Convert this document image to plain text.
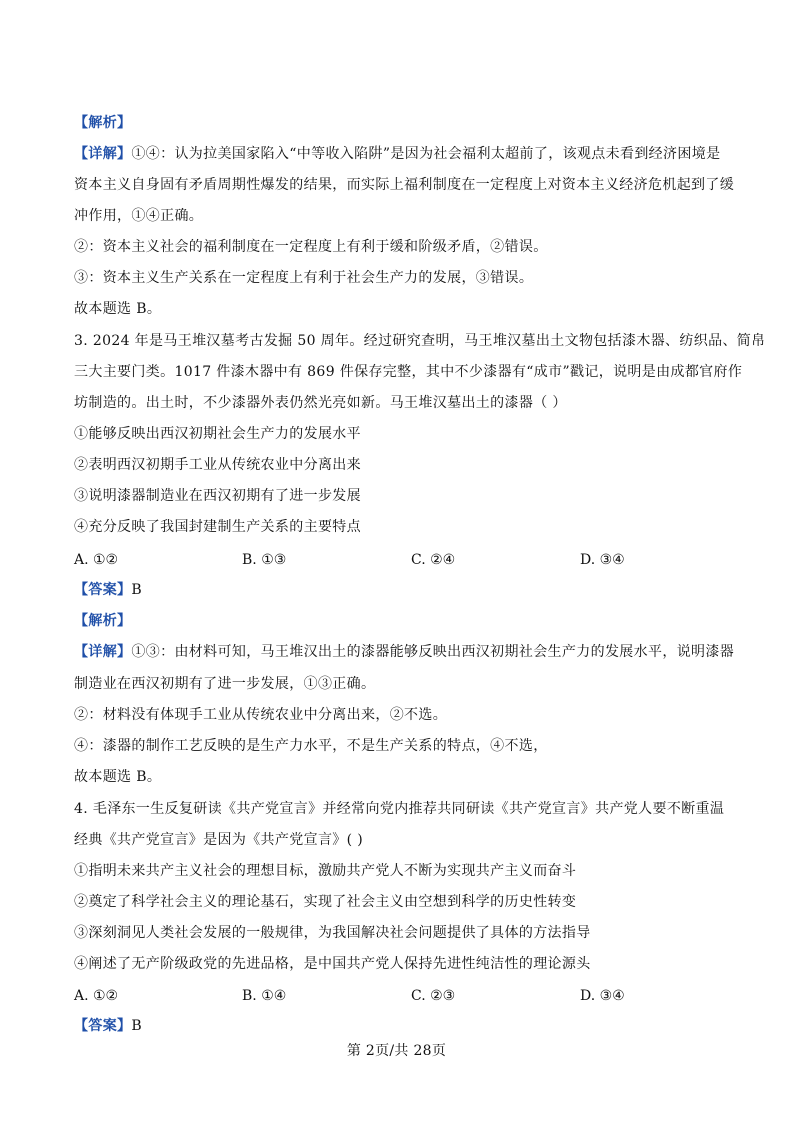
【解析】
【详解】①④：认为拉美国家陷入“中等收入陷阱”是因为社会福利太超前了，该观点未看到经济困境是
资本主义自身固有矛盾周期性爆发的结果，而实际上福利制度在一定程度上对资本主义经济危机起到了缓
冲作用，①④正确。
②：资本主义社会的福利制度在一定程度上有利于缓和阶级矛盾，②错误。
③：资本主义生产关系在一定程度上有利于社会生产力的发展，③错误。
故本题选 B。
3. 2024 年是马王堆汉墓考古发掘 50 周年。经过研究查明，马王堆汉墓出土文物包括漆木器、纺织品、简帛
三大主要门类。1017 件漆木器中有 869 件保存完整，其中不少漆器有“成市”戳记，说明是由成都官府作
坊制造的。出土时，不少漆器外表仍然光亮如新。马王堆汉墓出土的漆器（ ）
①能够反映出西汉初期社会生产力的发展水平
②表明西汉初期手工业从传统农业中分离出来
③说明漆器制造业在西汉初期有了进一步发展
④充分反映了我国封建制生产关系的主要特点
A. ①②	B. ①③	C. ②④	D. ③④
【答案】B
【解析】
【详解】①③：由材料可知，马王堆汉出土的漆器能够反映出西汉初期社会生产力的发展水平，说明漆器
制造业在西汉初期有了进一步发展，①③正确。
②：材料没有体现手工业从传统农业中分离出来，②不选。
④：漆器的制作工艺反映的是生产力水平，不是生产关系的特点，④不选，
故本题选 B。
4. 毛泽东一生反复研读《共产党宣言》并经常向党内推荐共同研读《共产党宣言》共产党人要不断重温
经典《共产党宣言》是因为《共产党宣言》( )
①指明未来共产主义社会的理想目标，激励共产党人不断为实现共产主义而奋斗
②奠定了科学社会主义的理论基石，实现了社会主义由空想到科学的历史性转变
③深刻洞见人类社会发展的一般规律，为我国解决社会问题提供了具体的方法指导
④阐述了无产阶级政党的先进品格，是中国共产党人保持先进性纯洁性的理论源头
A. ①②	B. ①④	C. ②③	D. ③④
【答案】B
第 2页/共 28页
